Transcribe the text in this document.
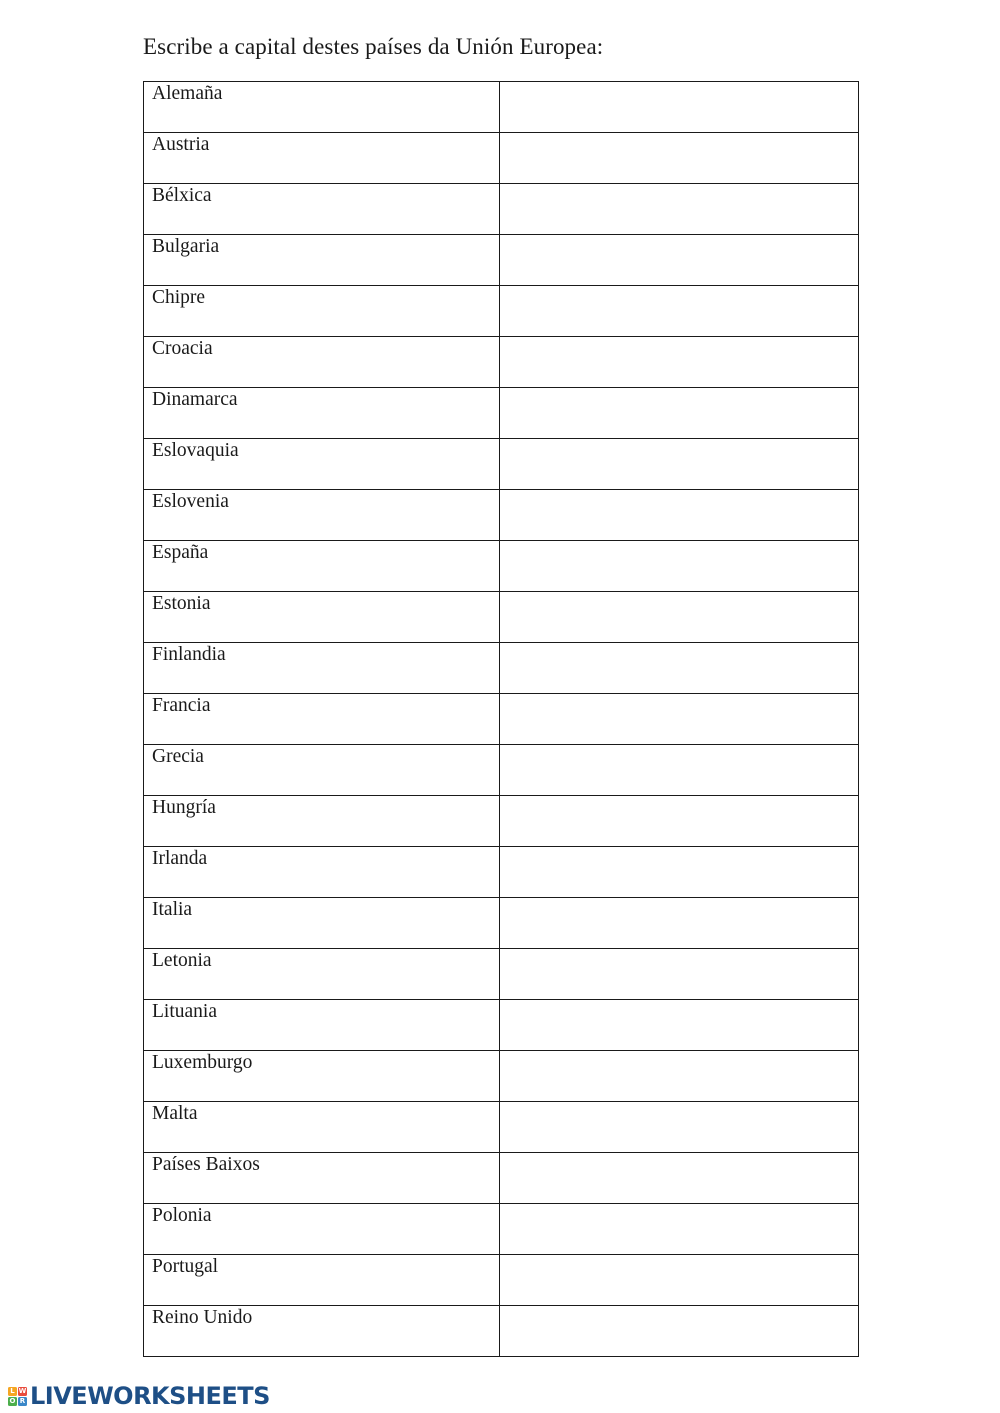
Escribe a capital destes países da Unión Europea:
Alemaña	
Austria	
Bélxica	
Bulgaria	
Chipre	
Croacia	
Dinamarca	
Eslovaquia	
Eslovenia	
España	
Estonia	
Finlandia	
Francia	
Grecia	
Hungría	
Irlanda	
Italia	
Letonia	
Lituania	
Luxemburgo	
Malta	
Países Baixos	
Polonia	
Portugal	
Reino Unido	
L W
O R LIVEWORKSHEETS
